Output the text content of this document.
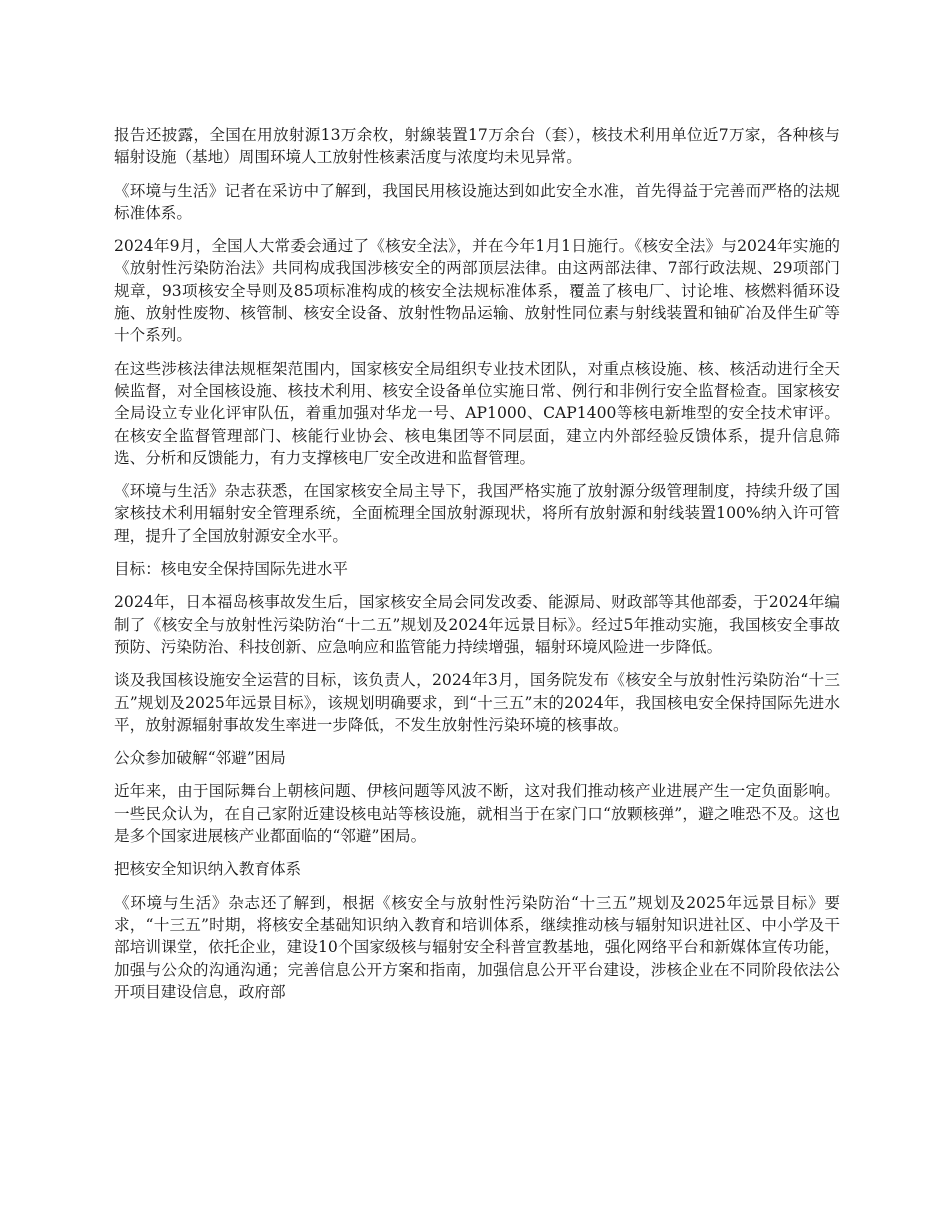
报告还披露，全国在用放射源13万余枚，射線装置17万余台（套），核技术利用单位近7万家，各种核与辐射设施（基地）周围环境人工放射性核素活度与浓度均未见异常。

《环境与生活》记者在采访中了解到，我国民用核设施达到如此安全水准，首先得益于完善而严格的法规标准体系。

2024年9月，全国人大常委会通过了《核安全法》，并在今年1月1日施行。《核安全法》与2024年实施的《放射性污染防治法》共同构成我国涉核安全的两部顶层法律。由这两部法律、7部行政法规、29项部门规章，93项核安全导则及85项标准构成的核安全法规标准体系，覆盖了核电厂、讨论堆、核燃料循环设施、放射性废物、核管制、核安全设备、放射性物品运输、放射性同位素与射线装置和铀矿冶及伴生矿等十个系列。

在这些涉核法律法规框架范围内，国家核安全局组织专业技术团队，对重点核设施、核、核活动进行全天候监督，对全国核设施、核技术利用、核安全设备单位实施日常、例行和非例行安全监督检查。国家核安全局设立专业化评审队伍，着重加强对华龙一号、AP1000、CAP1400等核电新堆型的安全技术审评。在核安全监督管理部门、核能行业协会、核电集团等不同层面，建立内外部经验反馈体系，提升信息筛选、分析和反馈能力，有力支撑核电厂安全改进和监督管理。

《环境与生活》杂志获悉，在国家核安全局主导下，我国严格实施了放射源分级管理制度，持续升级了国家核技术利用辐射安全管理系统，全面梳理全国放射源现状，将所有放射源和射线装置100%纳入许可管理，提升了全国放射源安全水平。

目标：核电安全保持国际先进水平

2024年，日本福岛核事故发生后，国家核安全局会同发改委、能源局、财政部等其他部委，于2024年编制了《核安全与放射性污染防治“十二五”规划及2024年远景目标》。经过5年推动实施，我国核安全事故预防、污染防治、科技创新、应急响应和监管能力持续增强，辐射环境风险进一步降低。

谈及我国核设施安全运营的目标，该负责人，2024年3月，国务院发布《核安全与放射性污染防治“十三五”规划及2025年远景目标》，该规划明确要求，到“十三五”末的2024年，我国核电安全保持国际先进水平，放射源辐射事故发生率进一步降低，不发生放射性污染环境的核事故。

公众参加破解“邻避”困局

近年来，由于国际舞台上朝核问题、伊核问题等风波不断，这对我们推动核产业进展产生一定负面影响。一些民众认为，在自己家附近建设核电站等核设施，就相当于在家门口“放颗核弹”，避之唯恐不及。这也是多个国家进展核产业都面临的“邻避”困局。

把核安全知识纳入教育体系

《环境与生活》杂志还了解到，根据《核安全与放射性污染防治“十三五”规划及2025年远景目标》要求，“十三五”时期，将核安全基础知识纳入教育和培训体系，继续推动核与辐射知识进社区、中小学及干部培训课堂，依托企业，建设10个国家级核与辐射安全科普宣教基地，强化网络平台和新媒体宣传功能，加强与公众的沟通沟通；完善信息公开方案和指南，加强信息公开平台建设，涉核企业在不同阶段依法公开项目建设信息，政府部
